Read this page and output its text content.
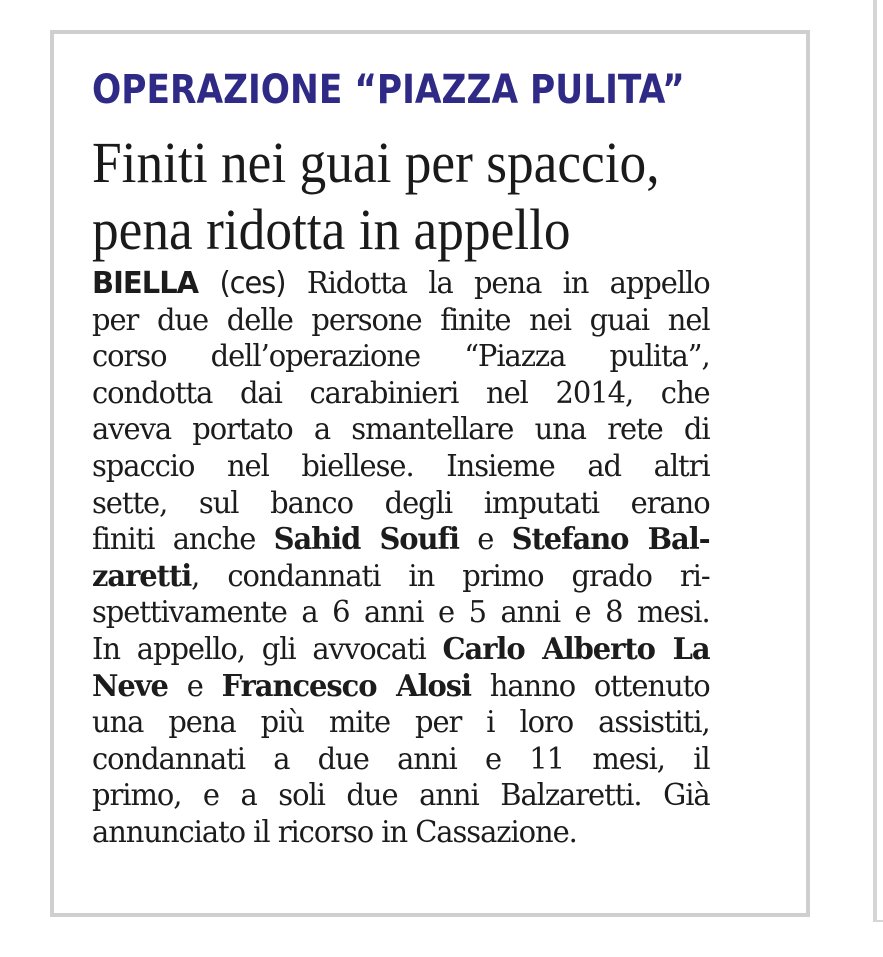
OPERAZIONE “PIAZZA PULITA”
Finiti nei guai per spaccio,
pena ridotta in appello
BIELLA (ces) Ridotta la pena in appello
per due delle persone finite nei guai nel
corso dell’operazione “Piazza pulita”,
condotta dai carabinieri nel 2014, che
aveva portato a smantellare una rete di
spaccio nel biellese. Insieme ad altri
sette, sul banco degli imputati erano
finiti anche Sahid Soufi e Stefano Bal-
zaretti, condannati in primo grado ri-
spettivamente a 6 anni e 5 anni e 8 mesi.
In appello, gli avvocati Carlo Alberto La
Neve e Francesco Alosi hanno ottenuto
una pena più mite per i loro assistiti,
condannati a due anni e 11 mesi, il
primo, e a soli due anni Balzaretti. Già
annunciato il ricorso in Cassazione.
